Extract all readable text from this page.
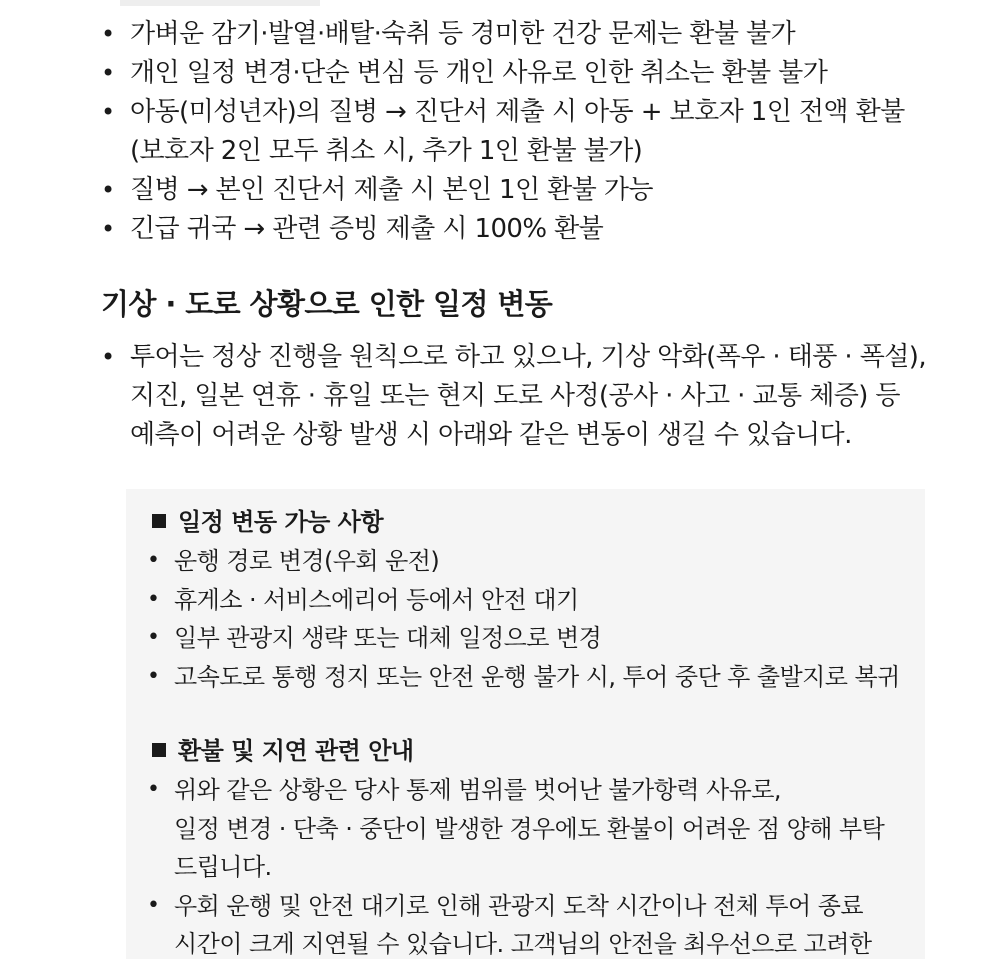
• 가벼운 감기·발열·배탈·숙취 등 경미한 건강 문제는 환불 불가
• 개인 일정 변경·단순 변심 등 개인 사유로 인한 취소는 환불 불가
• 아동(미성년자)의 질병 → 진단서 제출 시 아동 + 보호자 1인 전액 환불
(보호자 2인 모두 취소 시, 추가 1인 환불 불가)
• 질병 → 본인 진단서 제출 시 본인 1인 환불 가능
• 긴급 귀국 → 관련 증빙 제출 시 100% 환불
기상 · 도로 상황으로 인한 일정 변동
• 투어는 정상 진행을 원칙으로 하고 있으나, 기상 악화(폭우 · 태풍 · 폭설),
지진, 일본 연휴 · 휴일 또는 현지 도로 사정(공사 · 사고 · 교통 체증) 등
예측이 어려운 상황 발생 시 아래와 같은 변동이 생길 수 있습니다.
일정 변동 가능 사항
• 운행 경로 변경(우회 운전)
• 휴게소 · 서비스에리어 등에서 안전 대기
• 일부 관광지 생략 또는 대체 일정으로 변경
• 고속도로 통행 정지 또는 안전 운행 불가 시, 투어 중단 후 출발지로 복귀
환불 및 지연 관련 안내
• 위와 같은 상황은 당사 통제 범위를 벗어난 불가항력 사유로,
일정 변경 · 단축 · 중단이 발생한 경우에도 환불이 어려운 점 양해 부탁
드립니다.
• 우회 운행 및 안전 대기로 인해 관광지 도착 시간이나 전체 투어 종료
시간이 크게 지연될 수 있습니다. 고객님의 안전을 최우선으로 고려한
